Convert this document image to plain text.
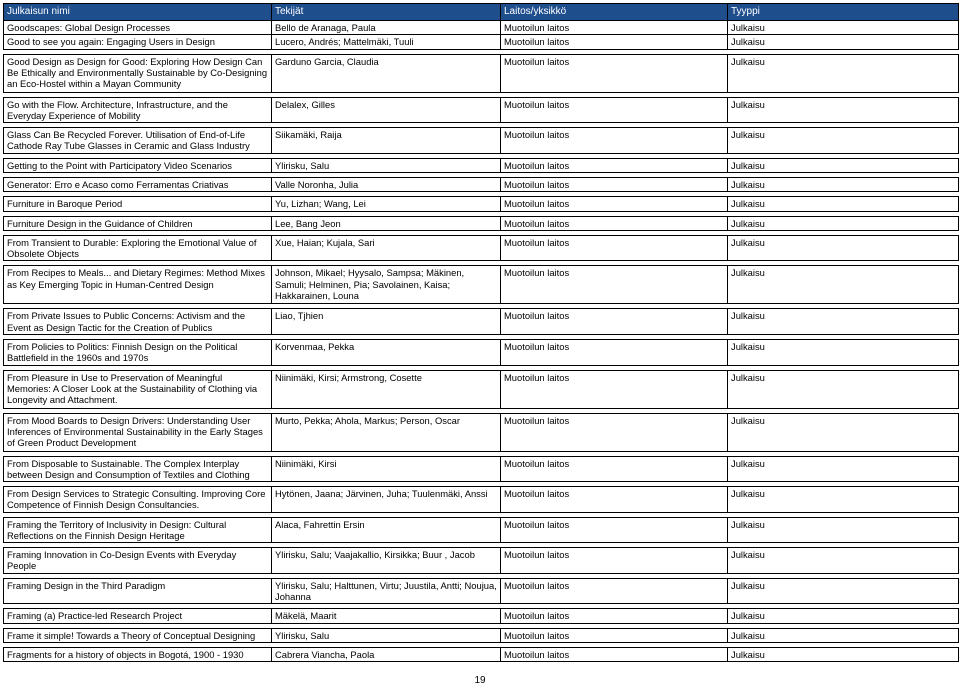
Julkaisun nimi	Tekijät	Laitos/yksikkö	Tyyppi
Goodscapes: Global Design Processes	Bello de Aranaga, Paula	Muotoilun laitos	Julkaisu
Good to see you again: Engaging Users in Design	Lucero, Andrés; Mattelmäki, Tuuli	Muotoilun laitos	Julkaisu

Good Design as Design for Good: Exploring How Design Can Be Ethically and Environmentally Sustainable by Co-Designing an Eco-Hostel within a Mayan Community	Garduno Garcia, Claudia	Muotoilun laitos	Julkaisu

Go with the Flow. Architecture, Infrastructure, and the Everyday Experience of Mobility	Delalex, Gilles	Muotoilun laitos	Julkaisu

Glass Can Be Recycled Forever. Utilisation of End-of-Life Cathode Ray Tube Glasses in Ceramic and Glass Industry	Siikamäki, Raija	Muotoilun laitos	Julkaisu

Getting to the Point with Participatory Video Scenarios	Ylirisku, Salu	Muotoilun laitos	Julkaisu

Generator: Erro e Acaso como Ferramentas Criativas	Valle Noronha, Julia	Muotoilun laitos	Julkaisu

Furniture in Baroque Period	Yu, Lizhan; Wang, Lei	Muotoilun laitos	Julkaisu

Furniture Design in the Guidance of Children	Lee, Bang Jeon	Muotoilun laitos	Julkaisu

From Transient to Durable: Exploring the Emotional Value of Obsolete Objects	Xue, Haian; Kujala, Sari	Muotoilun laitos	Julkaisu

From Recipes to Meals... and Dietary Regimes: Method Mixes as Key Emerging Topic in Human-Centred Design	Johnson, Mikael; Hyysalo, Sampsa; Mäkinen, Samuli; Helminen, Pia; Savolainen, Kaisa; Hakkarainen, Louna	Muotoilun laitos	Julkaisu

From Private Issues to Public Concerns: Activism and the Event as Design Tactic for the Creation of Publics	Liao, Tjhien	Muotoilun laitos	Julkaisu

From Policies to Politics: Finnish Design on the Political Battlefield in the 1960s and 1970s	Korvenmaa, Pekka	Muotoilun laitos	Julkaisu

From Pleasure in Use to Preservation of Meaningful Memories: A Closer Look at the Sustainability of Clothing via Longevity and Attachment.	Niinimäki, Kirsi; Armstrong, Cosette	Muotoilun laitos	Julkaisu

From Mood Boards to Design Drivers: Understanding User Inferences of Environmental Sustainability in the Early Stages of Green Product Development	Murto, Pekka; Ahola, Markus; Person, Oscar	Muotoilun laitos	Julkaisu

From Disposable to Sustainable. The Complex Interplay between Design and Consumption of Textiles and Clothing	Niinimäki, Kirsi	Muotoilun laitos	Julkaisu

From Design Services to Strategic Consulting. Improving Core Competence of Finnish Design Consultancies.	Hytönen, Jaana; Järvinen, Juha; Tuulenmäki, Anssi	Muotoilun laitos	Julkaisu

Framing the Territory of Inclusivity in Design: Cultural Reflections on the Finnish Design Heritage	Alaca, Fahrettin Ersin	Muotoilun laitos	Julkaisu

Framing Innovation in Co-Design Events with Everyday People	Ylirisku, Salu; Vaajakallio, Kirsikka; Buur , Jacob	Muotoilun laitos	Julkaisu

Framing Design in the Third Paradigm	Ylirisku, Salu; Halttunen, Virtu; Juustila, Antti; Noujua, Johanna	Muotoilun laitos	Julkaisu

Framing (a) Practice-led Research Project	Mäkelä, Maarit	Muotoilun laitos	Julkaisu

Frame it simple! Towards a Theory of Conceptual Designing	Ylirisku, Salu	Muotoilun laitos	Julkaisu

Fragments for a history of objects in Bogotá, 1900 - 1930	Cabrera Viancha, Paola	Muotoilun laitos	Julkaisu
19
